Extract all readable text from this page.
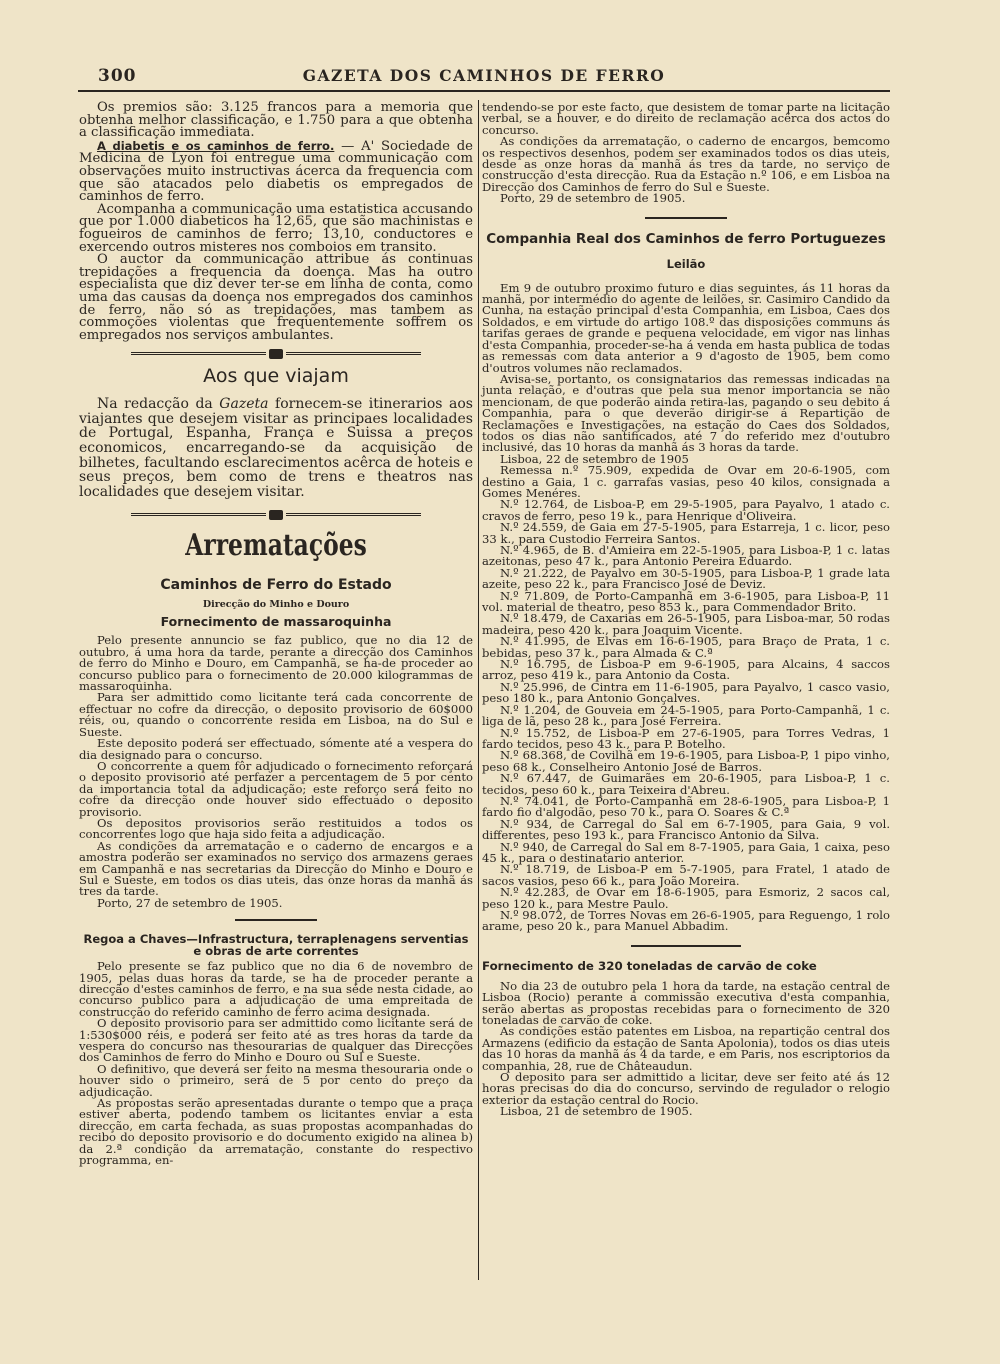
300	GAZETA DOS CAMINHOS DE FERRO

Os premios são: 3.125 francos para a memoria que obtenha melhor classificação, e 1.750 para a que obtenha a classificação immediata.

A diabetis e os caminhos de ferro. — A' Sociedade de Medicina de Lyon foi entregue uma communicação com observações muito instructivas ácerca da frequencia com que são atacados pelo diabetis os empregados de caminhos de ferro.

Acompanha a communicação uma estatistica accusando que por 1.000 diabeticos ha 12,65, que são machinistas e fogueiros de caminhos de ferro; 13,10, conductores e exercendo outros misteres nos comboios em transito.

O auctor da communicação attribue ás continuas trepidações a frequencia da doença. Mas ha outro especialista que diz dever ter-se em linha de conta, como uma das causas da doença nos empregados dos caminhos de ferro, não só as trepidações, mas tambem as commoções violentas que frequentemente soffrem os empregados nos serviços ambulantes.

Aos que viajam

Na redacção da Gazeta fornecem-se itinerarios aos viajantes que desejem visitar as principaes localidades de Portugal, Espanha, França e Suissa a preços economicos, encarregando-se da acquisição de bilhetes, facultando esclarecimentos acêrca de hoteis e seus preços, bem como de trens e theatros nas localidades que desejem visitar.

Arrematações
Caminhos de Ferro do Estado
Direcção do Minho e Douro
Fornecimento de massaroquinha

Pelo presente annuncio se faz publico, que no dia 12 de outubro, á uma hora da tarde, perante a direcção dos Caminhos de ferro do Minho e Douro, em Campanhã, se ha-de proceder ao concurso publico para o fornecimento de 20.000 kilogrammas de massaroquinha.

Para ser admittido como licitante terá cada concorrente de effectuar no cofre da direcção, o deposito provisorio de 60$000 réis, ou, quando o concorrente resida em Lisboa, na do Sul e Sueste.

Este deposito poderá ser effectuado, sómente até a vespera do dia designado para o concurso.

O concorrente a quem fôr adjudicado o fornecimento reforçará o deposito provisorio até perfazer a percentagem de 5 por cento da importancia total da adjudicação; este reforço será feito no cofre da direcção onde houver sido effectuado o deposito provisorio.

Os depositos provisorios serão restituidos a todos os concorrentes logo que haja sido feita a adjudicação.

As condições da arrematação e o caderno de encargos e a amostra poderão ser examinados no serviço dos armazens geraes em Campanhã e nas secretarias da Direcção do Minho e Douro e Sul e Sueste, em todos os dias uteis, das onze horas da manhã ás tres da tarde.

Porto, 27 de setembro de 1905.

Regoa a Chaves—Infrastructura, terraplenagens serventias e obras de arte correntes

Pelo presente se faz publico que no dia 6 de novembro de 1905, pelas duas horas da tarde, se ha de proceder perante a direcção d'estes caminhos de ferro, e na sua séde nesta cidade, ao concurso publico para a adjudicação de uma empreitada de construcção do referido caminho de ferro acima designada.

O deposito provisorio para ser admittido como licitante será de 1:530$000 réis, e poderá ser feito até as tres horas da tarde da vespera do concurso nas thesourarias de qualquer das Direcções dos Caminhos de ferro do Minho e Douro ou Sul e Sueste.

O definitivo, que deverá ser feito na mesma thesouraria onde o houver sido o primeiro, será de 5 por cento do preço da adjudicação.

As propostas serão apresentadas durante o tempo que a praça estiver aberta, podendo tambem os licitantes enviar a esta direcção, em carta fechada, as suas propostas acompanhadas do recibo do deposito provisorio e do documento exigido na alinea b) da 2.ª condição da arrematação, constante do respectivo programma, en-

tendendo-se por este facto, que desistem de tomar parte na licitação verbal, se a houver, e do direito de reclamação acêrca dos actos do concurso.

As condições da arrematação, o caderno de encargos, bemcomo os respectivos desenhos, podem ser examinados todos os dias uteis, desde as onze horas da manhã ás tres da tarde, no serviço de construcção d'esta direcção. Rua da Estação n.º 106, e em Lisboa na Direcção dos Caminhos de ferro do Sul e Sueste.

Porto, 29 de setembro de 1905.

Companhia Real dos Caminhos de ferro Portuguezes
Leilão

Em 9 de outubro proximo futuro e dias seguintes, ás 11 horas da manhã, por intermédio do agente de leilões, sr. Casimiro Candido da Cunha, na estação principal d'esta Companhia, em Lisboa, Caes dos Soldados, e em virtude do artigo 108.º das disposições communs ás tarifas geraes de grande e pequena velocidade, em vigor nas linhas d'esta Companhia, proceder-se-ha á venda em hasta publica de todas as remessas com data anterior a 9 d'agosto de 1905, bem como d'outros volumes não reclamados.

Avisa-se, portanto, os consignatarios das remessas indicadas na junta relação, e d'outras que pela sua menor importancia se não mencionam, de que poderão ainda retira-las, pagando o seu debito á Companhia, para o que deverão dirigir-se á Repartição de Reclamações e Investigações, na estação do Caes dos Soldados, todos os dias não santificados, até 7 do referido mez d'outubro inclusivé, das 10 horas da manhã ás 3 horas da tarde.

Lisboa, 22 de setembro de 1905

Remessa n.º 75.909, expedida de Ovar em 20-6-1905, com destino a Gaia, 1 c. garrafas vasias, peso 40 kilos, consignada a Gomes Menéres.

N.º 12.764, de Lisboa-P, em 29-5-1905, para Payalvo, 1 atado c. cravos de ferro, peso 19 k., para Henrique d'Oliveira.

N.º 24.559, de Gaia em 27-5-1905, para Estarreja, 1 c. licor, peso 33 k., para Custodio Ferreira Santos.

N.º 4.965, de B. d'Amieira em 22-5-1905, para Lisboa-P, 1 c. latas azeitonas, peso 47 k., para Antonio Pereira Eduardo.

N.º 21.222, de Payalvo em 30-5-1905, para Lisboa-P, 1 grade lata azeite, peso 22 k., para Francisco José de Deviz.

N.º 71.809, de Porto-Campanhã em 3-6-1905, para Lisboa-P, 11 vol. material de theatro, peso 853 k., para Commendador Brito.

N.º 18.479, de Caxarias em 26-5-1905, para Lisboa-mar, 50 rodas madeira, peso 420 k., para Joaquim Vicente.

N.º 41.995, de Elvas em 16-6-1905, para Braço de Prata, 1 c. bebidas, peso 37 k., para Almada & C.ª

N.º 16.795, de Lisboa-P em 9-6-1905, para Alcains, 4 saccos arroz, peso 419 k., para Antonio da Costa.

N.º 25.996, de Cintra em 11-6-1905, para Payalvo, 1 casco vasio, peso 180 k., para Antonio Gonçalves.

N.º 1.204, de Gouveia em 24-5-1905, para Porto-Campanhã, 1 c. liga de lã, peso 28 k., para José Ferreira.

N.º 15.752, de Lisboa-P em 27-6-1905, para Torres Vedras, 1 fardo tecidos, peso 43 k., para P. Botelho.

N.º 68.368, de Covilhã em 19-6-1905, para Lisboa-P, 1 pipo vinho, peso 68 k., Conselheiro Antonio José de Barros.

N.º 67.447, de Guimarães em 20-6-1905, para Lisboa-P, 1 c. tecidos, peso 60 k., para Teixeira d'Abreu.

N.º 74.041, de Porto-Campanhã em 28-6-1905, para Lisboa-P, 1 fardo fio d'algodão, peso 70 k., para O. Soares & C.ª

N.º 934, de Carregal do Sal em 6-7-1905, para Gaia, 9 vol. differentes, peso 193 k., para Francisco Antonio da Silva.

N.º 940, de Carregal do Sal em 8-7-1905, para Gaia, 1 caixa, peso 45 k., para o destinatario anterior.

N.º 18.719, de Lisboa-P em 5-7-1905, para Fratel, 1 atado de sacos vasios, peso 66 k., para João Moreira.

N.º 42.283, de Ovar em 18-6-1905, para Esmoriz, 2 sacos cal, peso 120 k., para Mestre Paulo.

N.º 98.072, de Torres Novas em 26-6-1905, para Reguengo, 1 rolo arame, peso 20 k., para Manuel Abbadim.

Fornecimento de 320 toneladas de carvão de coke

No dia 23 de outubro pela 1 hora da tarde, na estação central de Lisboa (Rocio) perante a commissão executiva d'esta companhia, serão abertas as propostas recebidas para o fornecimento de 320 toneladas de carvão de coke.

As condições estão patentes em Lisboa, na repartição central dos Armazens (edificio da estação de Santa Apolonia), todos os dias uteis das 10 horas da manhã ás 4 da tarde, e em Paris, nos escriptorios da companhia, 28, rue de Châteaudun.

O deposito para ser admittido a licitar, deve ser feito até ás 12 horas precisas do dia do concurso, servindo de regulador o relogio exterior da estação central do Rocio.

Lisboa, 21 de setembro de 1905.
